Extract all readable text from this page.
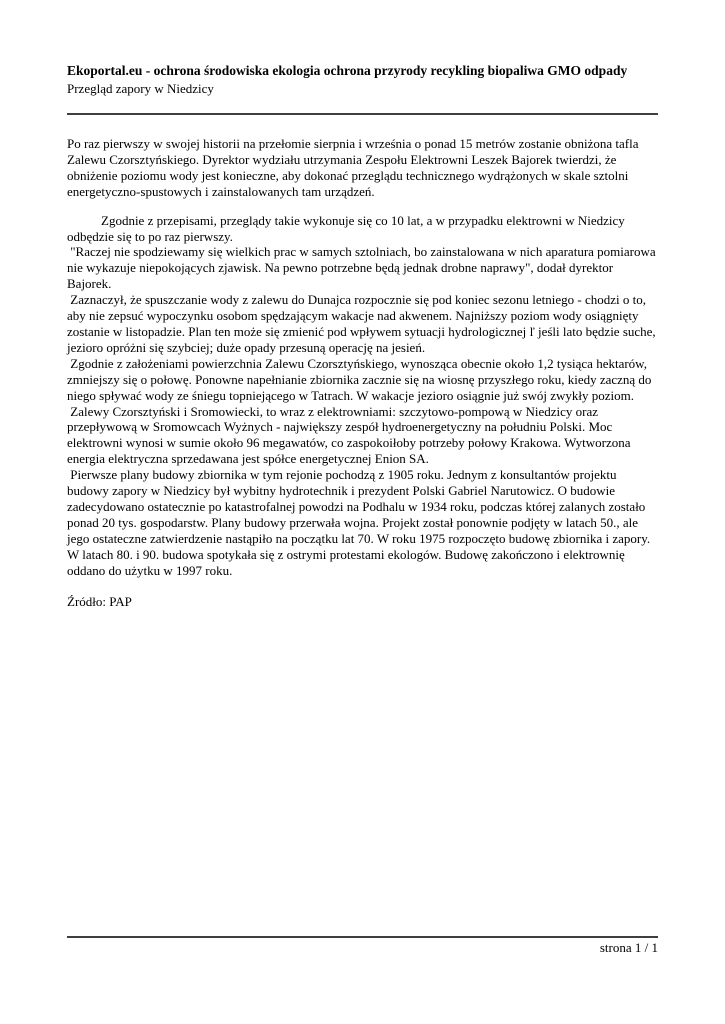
Ekoportal.eu - ochrona środowiska ekologia ochrona przyrody recykling biopaliwa GMO odpady
Przegląd zapory w Niedzicy

Po raz pierwszy w swojej historii na przełomie sierpnia i września o ponad 15 metrów zostanie obniżona tafla Zalewu Czorsztyńskiego. Dyrektor wydziału utrzymania Zespołu Elektrowni Leszek Bajorek twierdzi, że obniżenie poziomu wody jest konieczne, aby dokonać przeglądu technicznego wydrążonych w skale sztolni energetyczno-spustowych i zainstalowanych tam urządzeń.

Zgodnie z przepisami, przeglądy takie wykonuje się co 10 lat, a w przypadku elektrowni w Niedzicy odbędzie się to po raz pierwszy.

"Raczej nie spodziewamy się wielkich prac w samych sztolniach, bo zainstalowana w nich aparatura pomiarowa nie wykazuje niepokojących zjawisk. Na pewno potrzebne będą jednak drobne naprawy", dodał dyrektor Bajorek.

Zaznaczył, że spuszczanie wody z zalewu do Dunajca rozpocznie się pod koniec sezonu letniego - chodzi o to, aby nie zepsuć wypoczynku osobom spędzającym wakacje nad akwenem. Najniższy poziom wody osiągnięty zostanie w listopadzie. Plan ten może się zmienić pod wpływem sytuacji hydrologicznej ľ jeśli lato będzie suche, jezioro opróżni się szybciej; duże opady przesuną operację na jesień.

Zgodnie z założeniami powierzchnia Zalewu Czorsztyńskiego, wynosząca obecnie około 1,2 tysiąca hektarów, zmniejszy się o połowę. Ponowne napełnianie zbiornika zacznie się na wiosnę przyszłego roku, kiedy zaczną do niego spływać wody ze śniegu topniejącego w Tatrach. W wakacje jezioro osiągnie już swój zwykły poziom.

Zalewy Czorsztyński i Sromowiecki, to wraz z elektrowniami: szczytowo-pompową w Niedzicy oraz przepływową w Sromowcach Wyżnych - największy zespół hydroenergetyczny na południu Polski. Moc elektrowni wynosi w sumie około 96 megawatów, co zaspokoiłoby potrzeby połowy Krakowa. Wytworzona energia elektryczna sprzedawana jest spółce energetycznej Enion SA.

Pierwsze plany budowy zbiornika w tym rejonie pochodzą z 1905 roku. Jednym z konsultantów projektu budowy zapory w Niedzicy był wybitny hydrotechnik i prezydent Polski Gabriel Narutowicz. O budowie zadecydowano ostatecznie po katastrofalnej powodzi na Podhalu w 1934 roku, podczas której zalanych zostało ponad 20 tys. gospodarstw. Plany budowy przerwała wojna. Projekt został ponownie podjęty w latach 50., ale jego ostateczne zatwierdzenie nastąpiło na początku lat 70. W roku 1975 rozpoczęto budowę zbiornika i zapory. W latach 80. i 90. budowa spotykała się z ostrymi protestami ekologów. Budowę zakończono i elektrownię oddano do użytku w 1997 roku.

Źródło: PAP

strona 1 / 1
